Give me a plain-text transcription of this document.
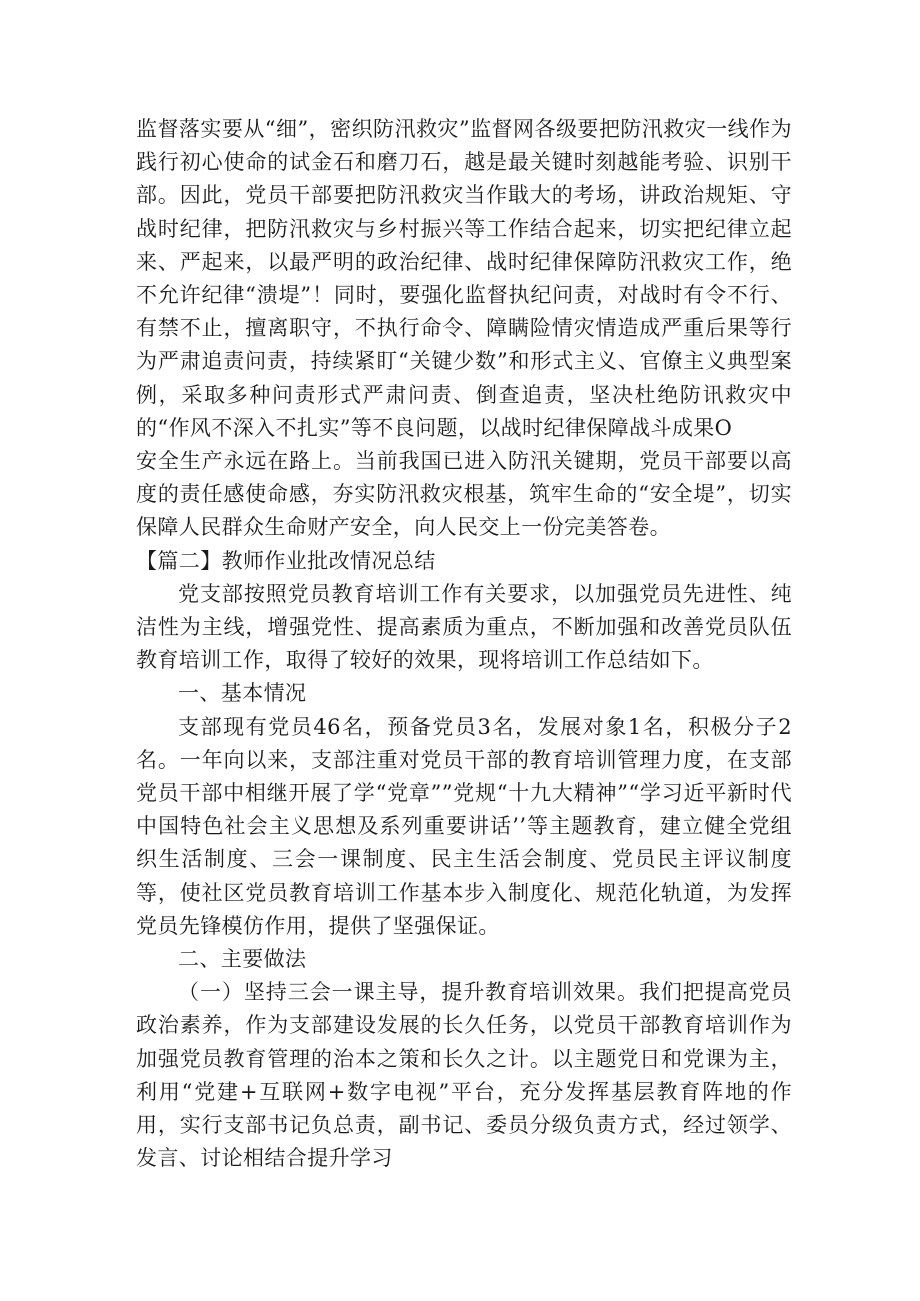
监督落实要从“细”，密织防汛救灾”监督网各级要把防汛救灾一线作为践行初心使命的试金石和磨刀石，越是最关键时刻越能考验、识别干部。因此，党员干部要把防汛救灾当作戢大的考场，讲政治规矩、守战时纪律，把防汛救灾与乡村振兴等工作结合起来，切实把纪律立起来、严起来，以最严明的政治纪律、战时纪律保障防汛救灾工作，绝不允许纪律“溃堤”！同时，要强化监督执纪问责，对战时有令不行、有禁不止，擅离职守，不执行命令、障瞒险情灾情造成严重后果等行为严肃追责问责，持续紧盯“关键少数”和形式主义、官僚主义典型案例，采取多种问责形式严肃问责、倒查追责，坚决杜绝防讯救灾中的“作风不深入不扎实”等不良问题，以战时纪律保障战斗成果O

安全生产永远在路上。当前我国已进入防汛关键期，党员干部要以高度的责任感使命感，夯实防汛救灾根基，筑牢生命的“安全堤”，切实保障人民群众生命财产安全，向人民交上一份完美答卷。

【篇二】教师作业批改情况总结

党支部按照党员教育培训工作有关要求，以加强党员先进性、纯洁性为主线，增强党性、提高素质为重点，不断加强和改善党员队伍教育培训工作，取得了较好的效果，现将培训工作总结如下。

一、基本情况

支部现有党员46名，预备党员3名，发展对象1名，积极分子2名。一年向以来，支部注重对党员干部的教育培训管理力度，在支部党员干部中相继开展了学“党章””党规“十九大精神”“学习近平新时代中国特色社会主义思想及系列重要讲话’’等主题教育，建立健全党组织生活制度、三会一课制度、民主生活会制度、党员民主评议制度等，使社区党员教育培训工作基本步入制度化、规范化轨道，为发挥党员先锋模仿作用，提供了坚强保证。

二、主要做法

（一）坚持三会一课主导，提升教育培训效果。我们把提高党员政治素养，作为支部建设发展的长久任务，以党员干部教育培训作为加强党员教育管理的治本之策和长久之计。以主题党日和党课为主，利用“党建+互联网+数字电视”平台，充分发挥基层教育阵地的作用，实行支部书记负总责，副书记、委员分级负责方式，经过领学、发言、讨论相结合提升学习
